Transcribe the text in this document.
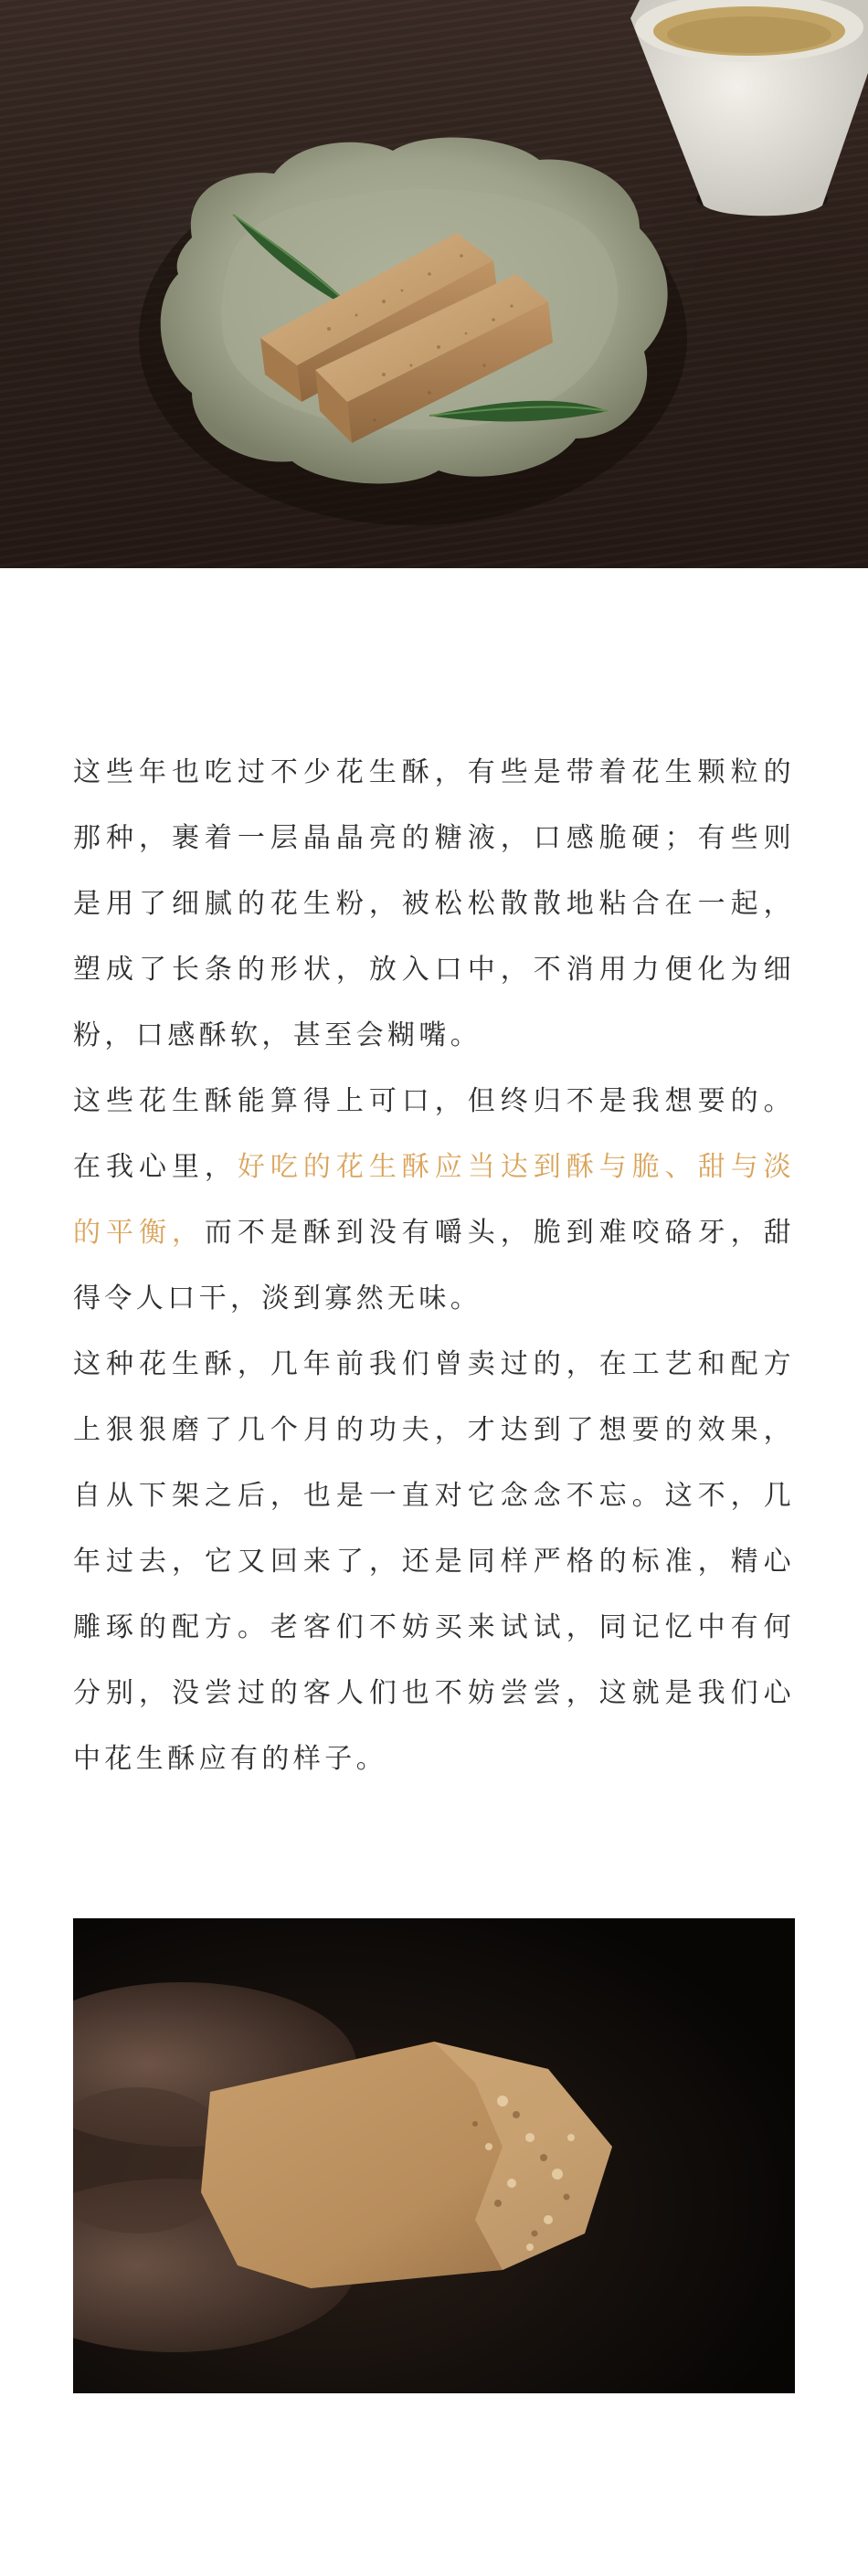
这些年也吃过不少花生酥，有些是带着花生颗粒的那种，裹着一层晶晶亮的糖液，口感脆硬；有些则是用了细腻的花生粉，被松松散散地粘合在一起，塑成了长条的形状，放入口中，不消用力便化为细粉，口感酥软，甚至会糊嘴。

这些花生酥能算得上可口，但终归不是我想要的。在我心里，好吃的花生酥应当达到酥与脆、甜与淡的平衡，而不是酥到没有嚼头，脆到难咬硌牙，甜得令人口干，淡到寡然无味。

这种花生酥，几年前我们曾卖过的，在工艺和配方上狠狠磨了几个月的功夫，才达到了想要的效果，自从下架之后，也是一直对它念念不忘。这不，几年过去，它又回来了，还是同样严格的标准，精心雕琢的配方。老客们不妨买来试试，同记忆中有何分别，没尝过的客人们也不妨尝尝，这就是我们心中花生酥应有的样子。
